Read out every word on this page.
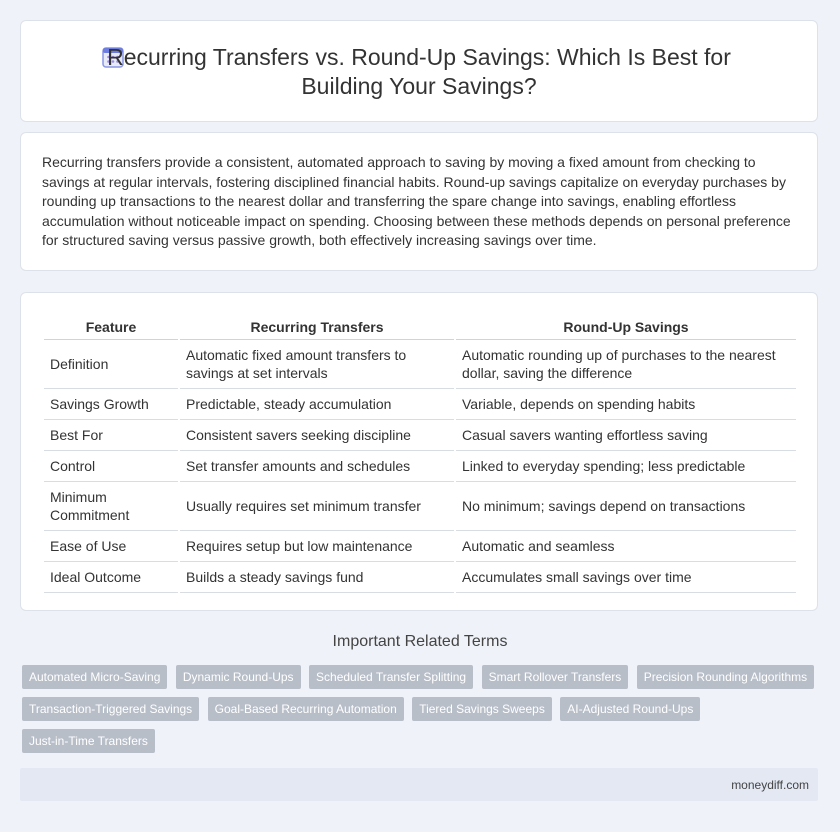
Recurring Transfers vs. Round-Up Savings: Which Is Best for Building Your Savings?
Recurring transfers provide a consistent, automated approach to saving by moving a fixed amount from checking to savings at regular intervals, fostering disciplined financial habits. Round-up savings capitalize on everyday purchases by rounding up transactions to the nearest dollar and transferring the spare change into savings, enabling effortless accumulation without noticeable impact on spending. Choosing between these methods depends on personal preference for structured saving versus passive growth, both effectively increasing savings over time.
Feature	Recurring Transfers	Round-Up Savings
Definition	Automatic fixed amount transfers to savings at set intervals	Automatic rounding up of purchases to the nearest dollar, saving the difference
Savings Growth	Predictable, steady accumulation	Variable, depends on spending habits
Best For	Consistent savers seeking discipline	Casual savers wanting effortless saving
Control	Set transfer amounts and schedules	Linked to everyday spending; less predictable
Minimum Commitment	Usually requires set minimum transfer	No minimum; savings depend on transactions
Ease of Use	Requires setup but low maintenance	Automatic and seamless
Ideal Outcome	Builds a steady savings fund	Accumulates small savings over time
Important Related Terms
Automated Micro-Saving Dynamic Round-Ups Scheduled Transfer Splitting Smart Rollover Transfers Precision Rounding Algorithms
Transaction-Triggered Savings Goal-Based Recurring Automation Tiered Savings Sweeps AI-Adjusted Round-Ups
Just-in-Time Transfers
moneydiff.com
